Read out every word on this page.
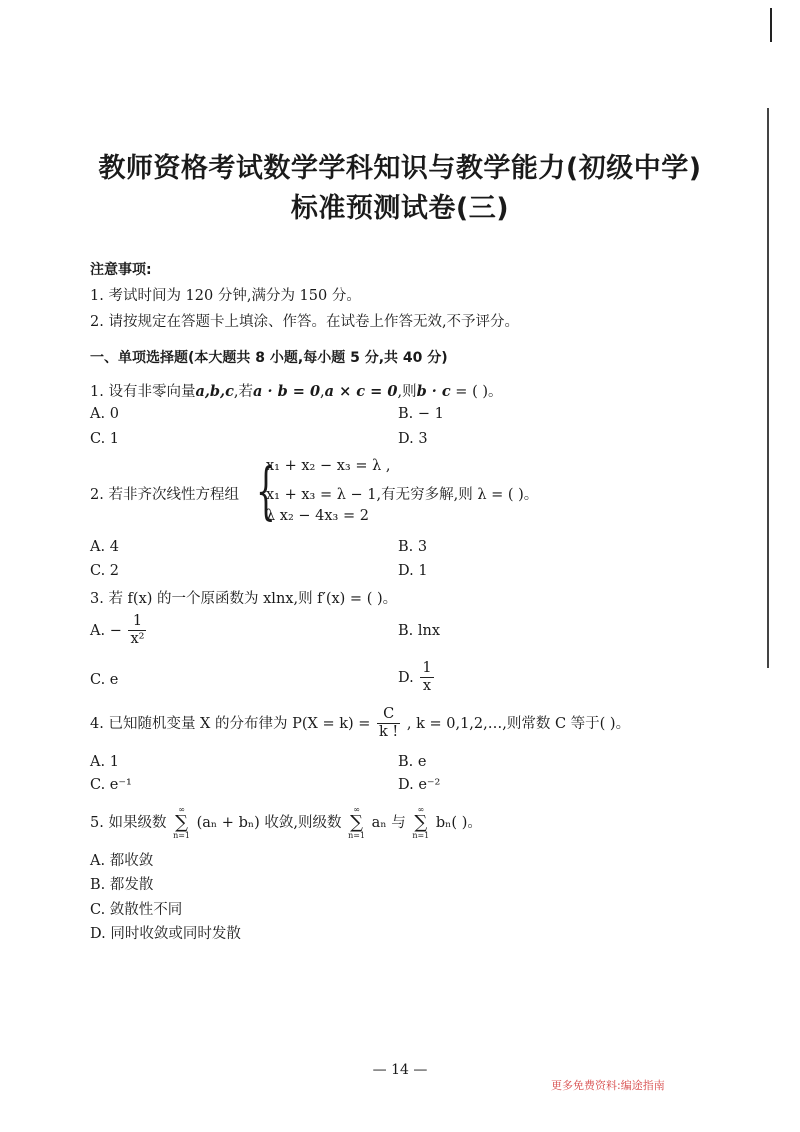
教师资格考试数学学科知识与教学能力(初级中学)
标准预测试卷(三)
注意事项:
1. 考试时间为 120 分钟,满分为 150 分。
2. 请按规定在答题卡上填涂、作答。在试卷上作答无效,不予评分。
一、单项选择题(本大题共 8 小题,每小题 5 分,共 40 分)
1. 设有非零向量a,b,c,若a · b = 0,a × c = 0,则b · c = ( )。
A. 0	B. − 1
C. 1	D. 3
{
x₁ + x₂ − x₃ = λ ,
2. 若非齐次线性方程组 x₁ + x₃ = λ − 1,有无穷多解,则 λ = ( )。
λ x₂ − 4x₃ = 2
A. 4	B. 3
C. 2	D. 1
3. 若 f(x) 的一个原函数为 xlnx,则 f′(x) = ( )。
A. − $\frac{1}{\text{x²}}$	B. lnx
C. e	D. $\frac{1}{x}$
4. 已知随机变量 X 的分布律为 $P(X = k) = \frac{C}{k !}$ , k = 0,1,2,…,则常数 C 等于( )。
A. 1	B. e
C. e⁻¹	D. e⁻²
5. 如果级数
∞
∑
n=1
(aₙ + bₙ) 收敛,则级数
∞
∑
n=1
aₙ 与
∞
∑
n=1
bₙ( )。
A. 都收敛
B. 都发散
C. 敛散性不同
D. 同时收敛或同时发散
— 14 —
更多免费资料:编途指南
